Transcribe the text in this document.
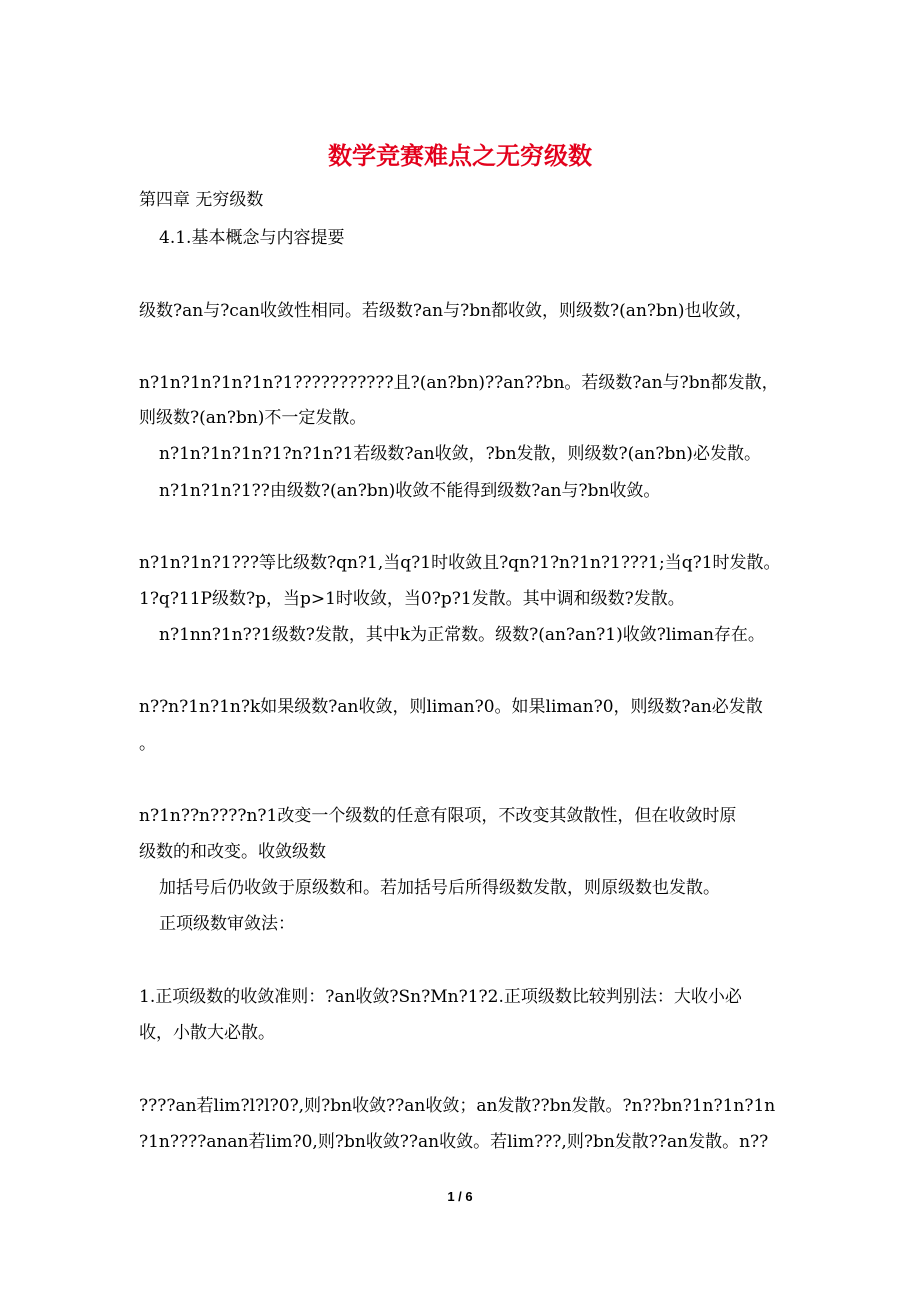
数学竞赛难点之无穷级数
第四章 无穷级数
4.1.基本概念与内容提要
级数?an与?can收敛性相同。若级数?an与?bn都收敛，则级数?(an?bn)也收敛，
n?1n?1n?1n?1n?1???????????且?(an?bn)??an??bn。若级数?an与?bn都发散，
则级数?(an?bn)不一定发散。
n?1n?1n?1n?1?n?1n?1若级数?an收敛，?bn发散，则级数?(an?bn)必发散。
n?1n?1n?1??由级数?(an?bn)收敛不能得到级数?an与?bn收敛。
n?1n?1n?1???等比级数?qn?1,当q?1时收敛且?qn?1?n?1n?1???1;当q?1时发散。
1?q?11P级数?p，当p>1时收敛，当0?p?1发散。其中调和级数?发散。
n?1nn?1n??1级数?发散，其中k为正常数。级数?(an?an?1)收敛?liman存在。
n??n?1n?1n?k如果级数?an收敛，则liman?0。如果liman?0，则级数?an必发散
。
n?1n??n????n?1改变一个级数的任意有限项，不改变其敛散性，但在收敛时原
级数的和改变。收敛级数
加括号后仍收敛于原级数和。若加括号后所得级数发散，则原级数也发散。
正项级数审敛法：
1.正项级数的收敛准则：?an收敛?Sn?Mn?1?2.正项级数比较判别法：大收小必
收，小散大必散。
????an若lim?l?l?0?,则?bn收敛??an收敛；an发散??bn发散。?n??bn?1n?1n?1n
?1n????anan若lim?0,则?bn收敛??an收敛。若lim???,则?bn发散??an发散。n??
1 / 6
